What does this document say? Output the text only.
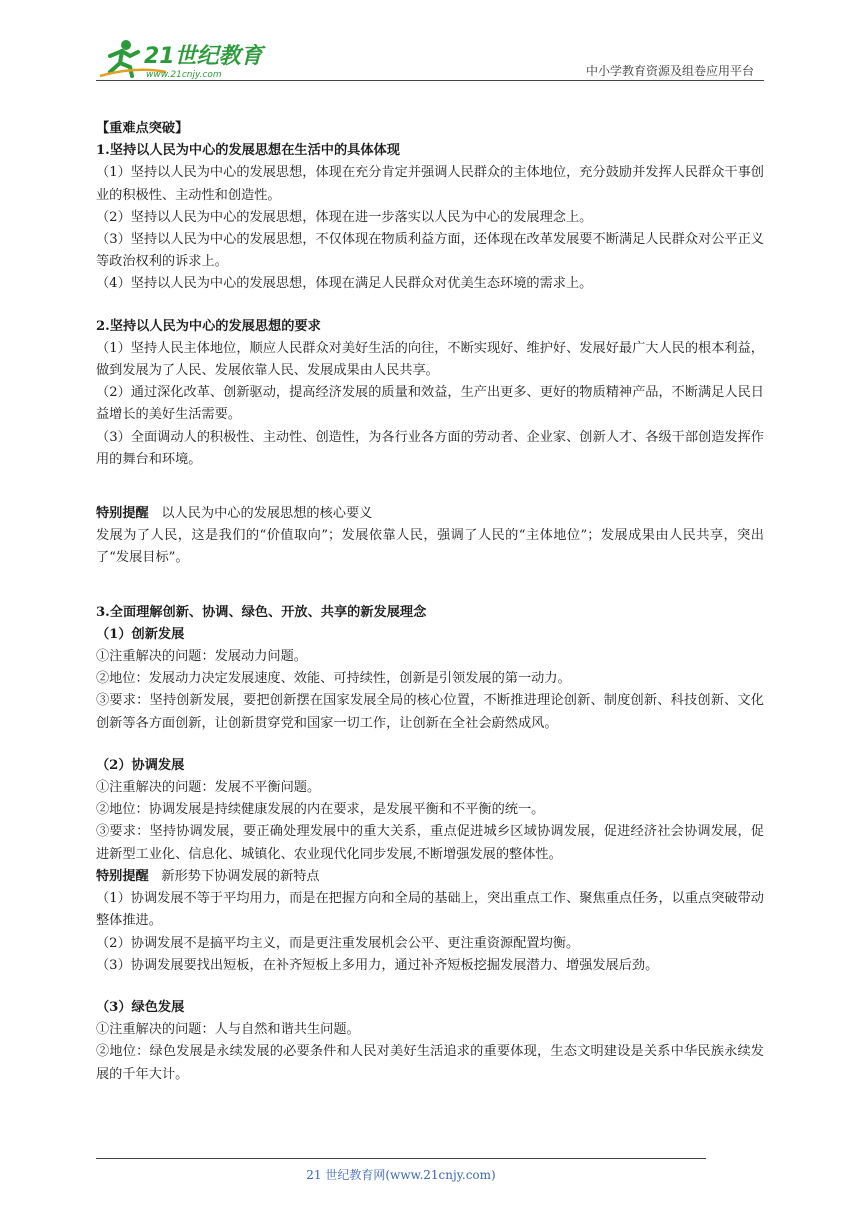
21世纪教育
www.21cnjy.com	中小学教育资源及组卷应用平台

【重难点突破】

1.坚持以人民为中心的发展思想在生活中的具体体现

（1）坚持以人民为中心的发展思想，体现在充分肯定并强调人民群众的主体地位，充分鼓励并发挥人民群众干事创业的积极性、主动性和创造性。

（2）坚持以人民为中心的发展思想，体现在进一步落实以人民为中心的发展理念上。

（3）坚持以人民为中心的发展思想，不仅体现在物质利益方面，还体现在改革发展要不断满足人民群众对公平正义等政治权利的诉求上。

（4）坚持以人民为中心的发展思想，体现在满足人民群众对优美生态环境的需求上。

2.坚持以人民为中心的发展思想的要求

（1）坚持人民主体地位，顺应人民群众对美好生活的向往，不断实现好、维护好、发展好最广大人民的根本利益，做到发展为了人民、发展依靠人民、发展成果由人民共享。

（2）通过深化改革、创新驱动，提高经济发展的质量和效益，生产出更多、更好的物质精神产品，不断满足人民日益增长的美好生活需要。

（3）全面调动人的积极性、主动性、创造性，为各行业各方面的劳动者、企业家、创新人才、各级干部创造发挥作用的舞台和环境。

特别提醒 以人民为中心的发展思想的核心要义

发展为了人民，这是我们的“价值取向”；发展依靠人民，强调了人民的“主体地位”；发展成果由人民共享，突出了“发展目标”。

3.全面理解创新、协调、绿色、开放、共享的新发展理念

（1）创新发展

①注重解决的问题：发展动力问题。

②地位：发展动力决定发展速度、效能、可持续性，创新是引领发展的第一动力。

③要求：坚持创新发展，要把创新摆在国家发展全局的核心位置，不断推进理论创新、制度创新、科技创新、文化创新等各方面创新，让创新贯穿党和国家一切工作，让创新在全社会蔚然成风。

（2）协调发展

①注重解决的问题：发展不平衡问题。

②地位：协调发展是持续健康发展的内在要求，是发展平衡和不平衡的统一。

③要求：坚持协调发展，要正确处理发展中的重大关系，重点促进城乡区域协调发展，促进经济社会协调发展，促进新型工业化、信息化、城镇化、农业现代化同步发展,不断增强发展的整体性。

特别提醒 新形势下协调发展的新特点

（1）协调发展不等于平均用力，而是在把握方向和全局的基础上，突出重点工作、聚焦重点任务，以重点突破带动整体推进。

（2）协调发展不是搞平均主义，而是更注重发展机会公平、更注重资源配置均衡。

（3）协调发展要找出短板，在补齐短板上多用力，通过补齐短板挖掘发展潜力、增强发展后劲。

（3）绿色发展

①注重解决的问题：人与自然和谐共生问题。

②地位：绿色发展是永续发展的必要条件和人民对美好生活追求的重要体现，生态文明建设是关系中华民族永续发展的千年大计。

21 世纪教育网(www.21cnjy.com)
